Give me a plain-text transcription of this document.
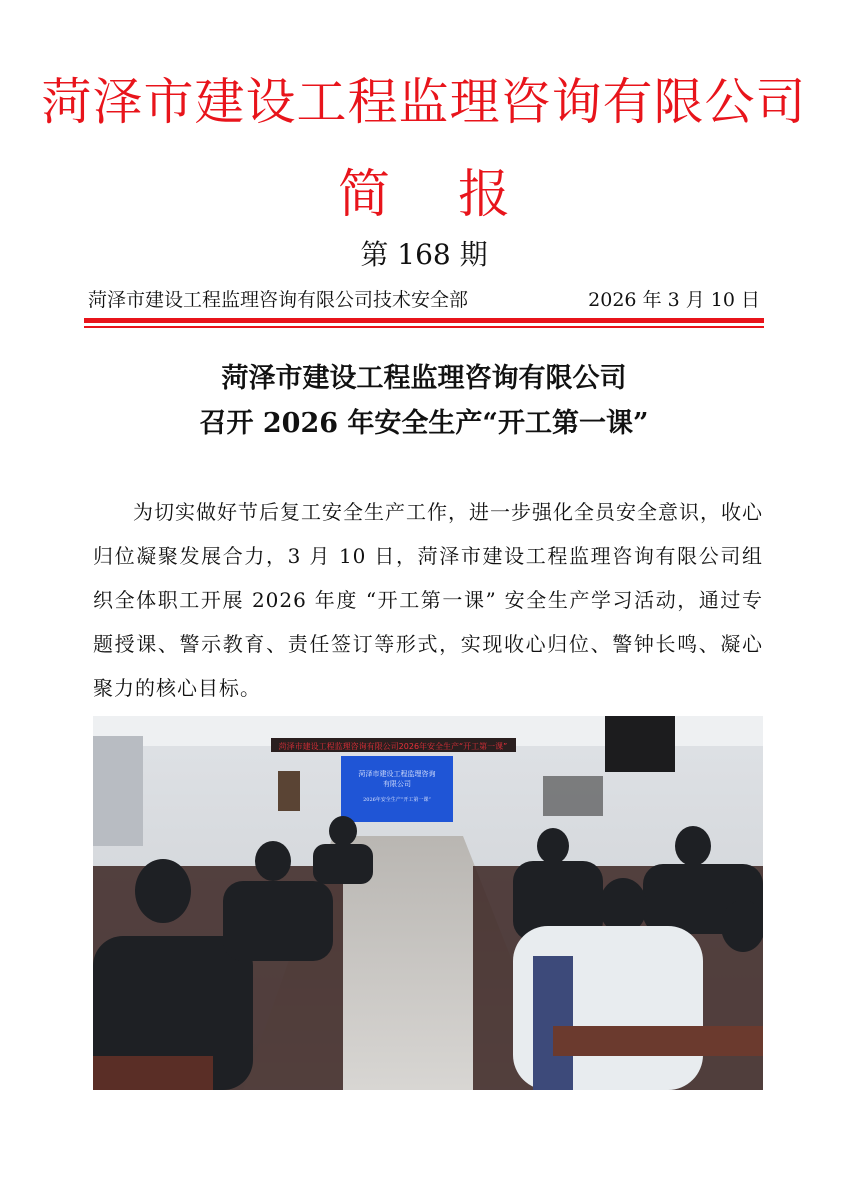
菏泽市建设工程监理咨询有限公司
简 报
第 168 期
菏泽市建设工程监理咨询有限公司技术安全部	2026 年 3 月 10 日
菏泽市建设工程监理咨询有限公司
召开 2026 年安全生产“开工第一课”
为切实做好节后复工安全生产工作，进一步强化全员安全意识，收心归位凝聚发展合力，3 月 10 日，菏泽市建设工程监理咨询有限公司组织全体职工开展 2026 年度 “开工第一课” 安全生产学习活动，通过专题授课、警示教育、责任签订等形式，实现收心归位、警钟长鸣、凝心聚力的核心目标。
菏泽市建设工程监理咨询有限公司2026年安全生产“开工第一课”
菏泽市建设工程监理咨询
有限公司
2026年安全生产“开工第一课”
